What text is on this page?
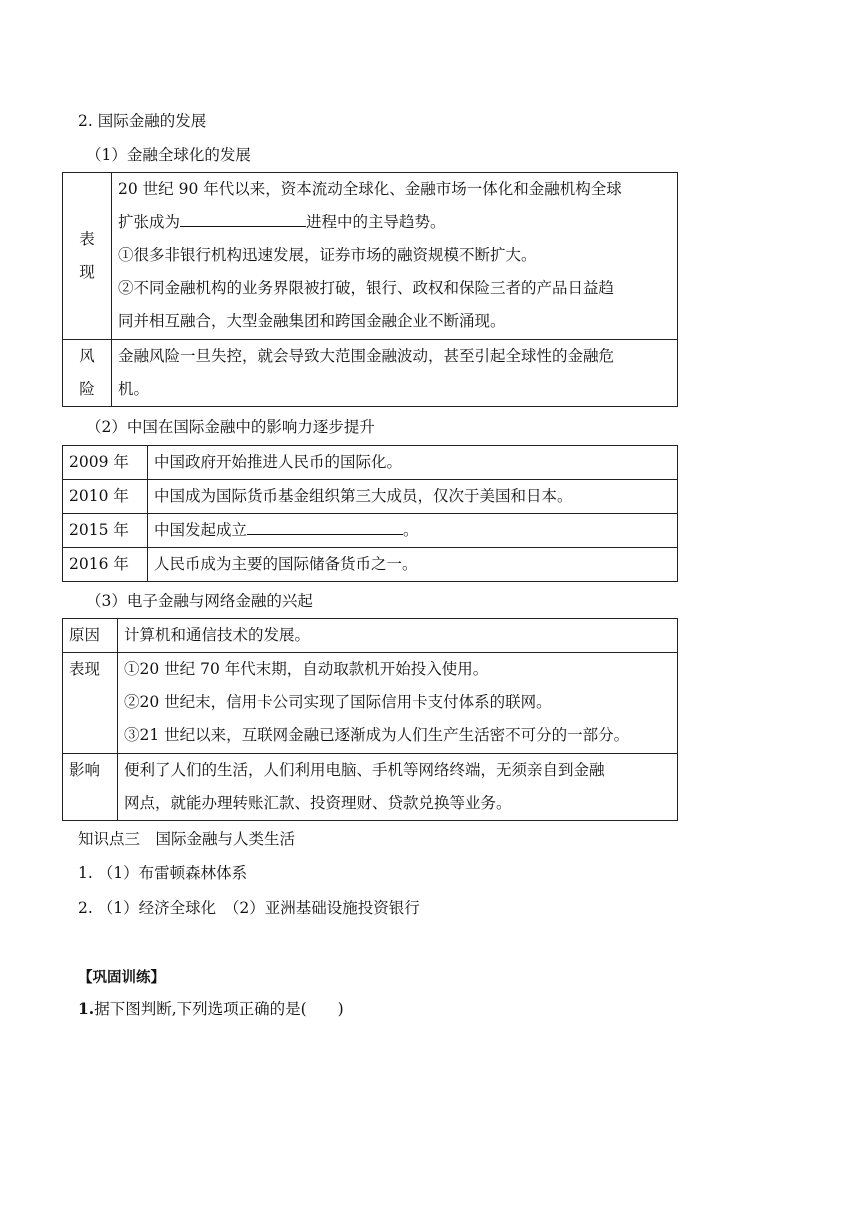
2. 国际金融的发展
（1）金融全球化的发展
表现	20 世纪 90 年代以来，资本流动全球化、金融市场一体化和金融机构全球
扩张成为 进程中的主导趋势。
①很多非银行机构迅速发展，证券市场的融资规模不断扩大。
②不同金融机构的业务界限被打破，银行、政权和保险三者的产品日益趋
同并相互融合，大型金融集团和跨国金融企业不断涌现。

风险	金融风险一旦失控，就会导致大范围金融波动，甚至引起全球性的金融危
机。
（2）中国在国际金融中的影响力逐步提升
2009 年	中国政府开始推进人民币的国际化。
2010 年	中国成为国际货币基金组织第三大成员，仅次于美国和日本。
2015 年	中国发起成立 。
2016 年	人民币成为主要的国际储备货币之一。
（3）电子金融与网络金融的兴起
原因	计算机和通信技术的发展。
表现	①20 世纪 70 年代末期，自动取款机开始投入使用。
②20 世纪末，信用卡公司实现了国际信用卡支付体系的联网。
③21 世纪以来，互联网金融已逐渐成为人们生产生活密不可分的一部分。

影响	便利了人们的生活，人们利用电脑、手机等网络终端，无须亲自到金融
网点，就能办理转账汇款、投资理财、贷款兑换等业务。
知识点三　国际金融与人类生活
1. （1）布雷顿森林体系
2. （1）经济全球化　（2）亚洲基础设施投资银行
【巩固训练】
1.据下图判断,下列选项正确的是(　　)
